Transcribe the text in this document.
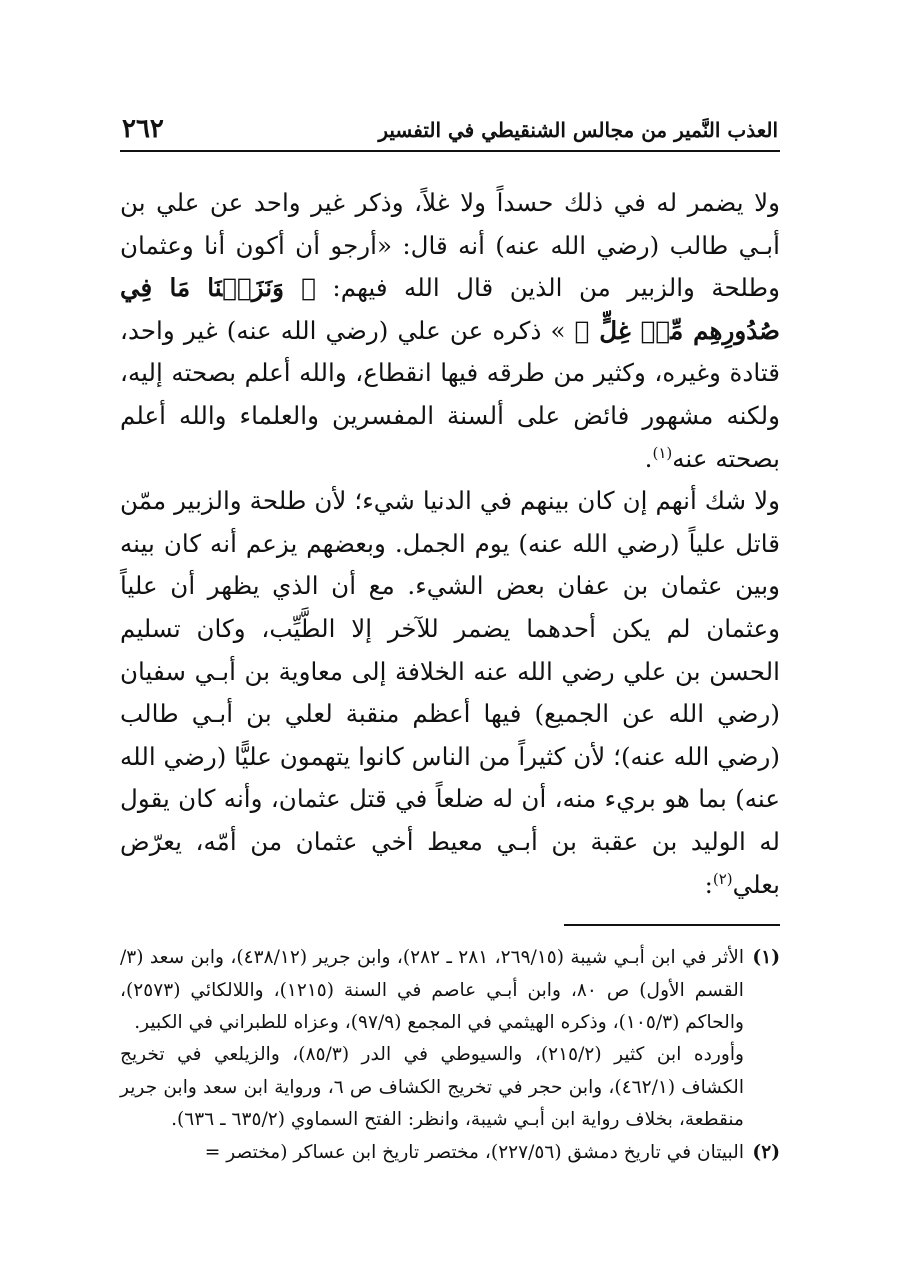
العذب النَّمير من مجالس الشنقيطي في التفسير
٢٦٢

ولا يضمر له في ذلك حسداً ولا غلاً، وذكر غير واحد عن علي بن أبـي طالب (رضي الله عنه) أنه قال: «أرجو أن أكون أنا وعثمان وطلحة والزبير من الذين قال الله فيهم: ﴿ وَنَزَعۡنَا مَا فِي صُدُورِهِم مِّنۡ غِلٍّ ﴾ » ذكره عن علي (رضي الله عنه) غير واحد، قتادة وغيره، وكثير من طرقه فيها انقطاع، والله أعلم بصحته إليه، ولكنه مشهور فائض على ألسنة المفسرين والعلماء والله أعلم بصحته عنه$^{(١)}$.

ولا شك أنهم إن كان بينهم في الدنيا شيء؛ لأن طلحة والزبير ممّن قاتل علياً (رضي الله عنه) يوم الجمل. وبعضهم يزعم أنه كان بينه وبين عثمان بن عفان بعض الشيء. مع أن الذي يظهر أن علياً وعثمان لم يكن أحدهما يضمر للآخر إلا الطَّيِّب، وكان تسليم الحسن بن علي رضي الله عنه الخلافة إلى معاوية بن أبـي سفيان (رضي الله عن الجميع) فيها أعظم منقبة لعلي بن أبـي طالب (رضي الله عنه)؛ لأن كثيراً من الناس كانوا يتهمون عليًّا (رضي الله عنه) بما هو بريء منه، أن له ضلعاً في قتل عثمان، وأنه كان يقول له الوليد بن عقبة بن أبـي معيط أخي عثمان من أمّه، يعرّض بعلي$^{(٢)}$:

(١)

الأثر في ابن أبـي شيبة (٢٦٩/١٥، ٢٨١ ـ ٢٨٢)، وابن جرير (٤٣٨/١٢)، وابن سعد (٣/القسم الأول) ص ٨٠، وابن أبـي عاصم في السنة (١٢١٥)، واللالكائي (٢٥٧٣)، والحاكم (١٠٥/٣)، وذكره الهيثمي في المجمع (٩٧/٩)، وعزاه للطبراني في الكبير.

وأورده ابن كثير (٢١٥/٢)، والسيوطي في الدر (٨٥/٣)، والزيلعي في تخريج الكشاف (٤٦٢/١)، وابن حجر في تخريج الكشاف ص ٦، ورواية ابن سعد وابن جرير منقطعة، بخلاف رواية ابن أبـي شيبة، وانظر: الفتح السماوي (٦٣٥/٢ ـ ٦٣٦).

(٢)

البيتان في تاريخ دمشق (٢٢٧/٥٦)، مختصر تاريخ ابن عساكر (مختصر =
